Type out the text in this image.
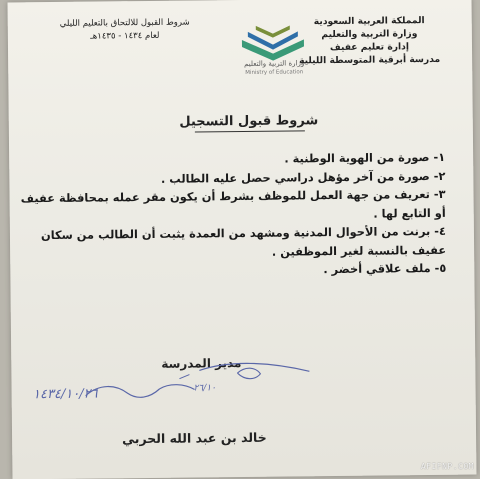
المملكة العربية السعودية
وزارة التربية والتعليم
إدارة تعليم عفيف
مدرسة أبرقية المتوسطة الليلية
شروط القبول للالتحاق بالتعليم الليلي
لعام ١٤٣٤ - ١٤٣٥هـ
وزارة التربية والتعليم
Ministry of Education
شروط قبول التسجيل
١- صورة من الهوية الوطنية .
٢- صورة من آخر مؤهل دراسي حصل عليه الطالب .
٣- تعريف من جهة العمل للموظف بشرط أن يكون مقر عمله بمحافظة عفيف أو التابع لها .
٤- برنت من الأحوال المدنية ومشهد من العمدة يثبت أن الطالب من سكان عفيف بالنسبة لغير الموظفين .
٥- ملف علاقي أخضر .
مدير المدرسة
خالد بن عبد الله الحربي
١٤٣٤/١٠/٢٦	٢٦/١٠
AFIFNP.COM
